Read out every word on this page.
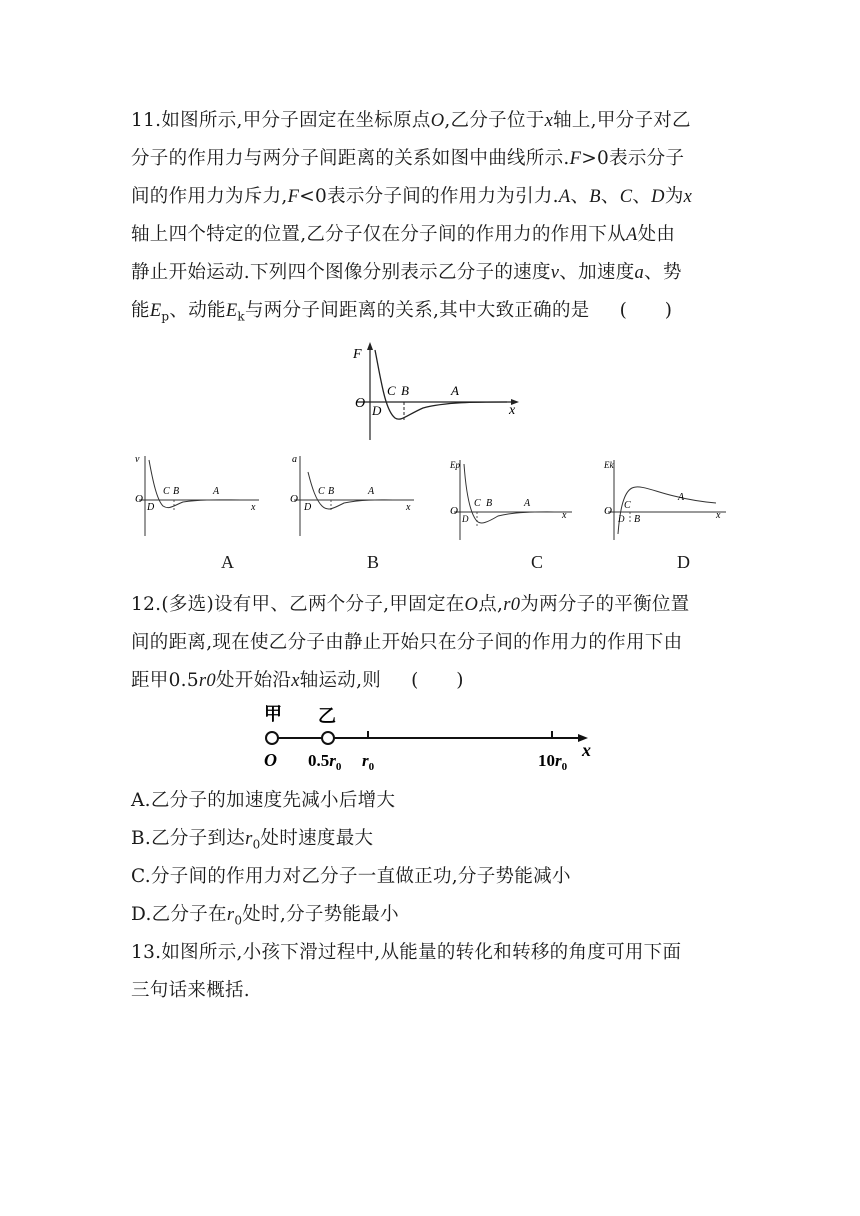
11.如图所示,甲分子固定在坐标原点O,乙分子位于x轴上,甲分子对乙
分子的作用力与两分子间距离的关系如图中曲线所示.F>0表示分子
间的作用力为斥力,F<0表示分子间的作用力为引力.A、B、C、D为x
轴上四个特定的位置,乙分子仅在分子间的作用力的作用下从A处由
静止开始运动.下列四个图像分别表示乙分子的速度v、加速度a、势
能$E_p$、动能$E_k$与两分子间距离的关系,其中大致正确的是 (　　)
F
x
O
C B	A
D
v
O
D
C B	A
x
a
O
D
C B	A
x
Ep
O
D
C B	A
x
Ek
O
D
C
B
A
x
A	B	C	D
12.(多选)设有甲、乙两个分子,甲固定在O点,r0为两分子的平衡位置
间的距离,现在使乙分子由静止开始只在分子间的作用力的作用下由
距甲0.5r0处开始沿x轴运动,则 (　　)
甲 乙
O $0.5r_0$ $r_0$	$10r_0$
x
A.乙分子的加速度先减小后增大
B.乙分子到达$r_0$处时速度最大
C.分子间的作用力对乙分子一直做正功,分子势能减小
D.乙分子在$r_0$处时,分子势能最小
13.如图所示,小孩下滑过程中,从能量的转化和转移的角度可用下面
三句话来概括.
